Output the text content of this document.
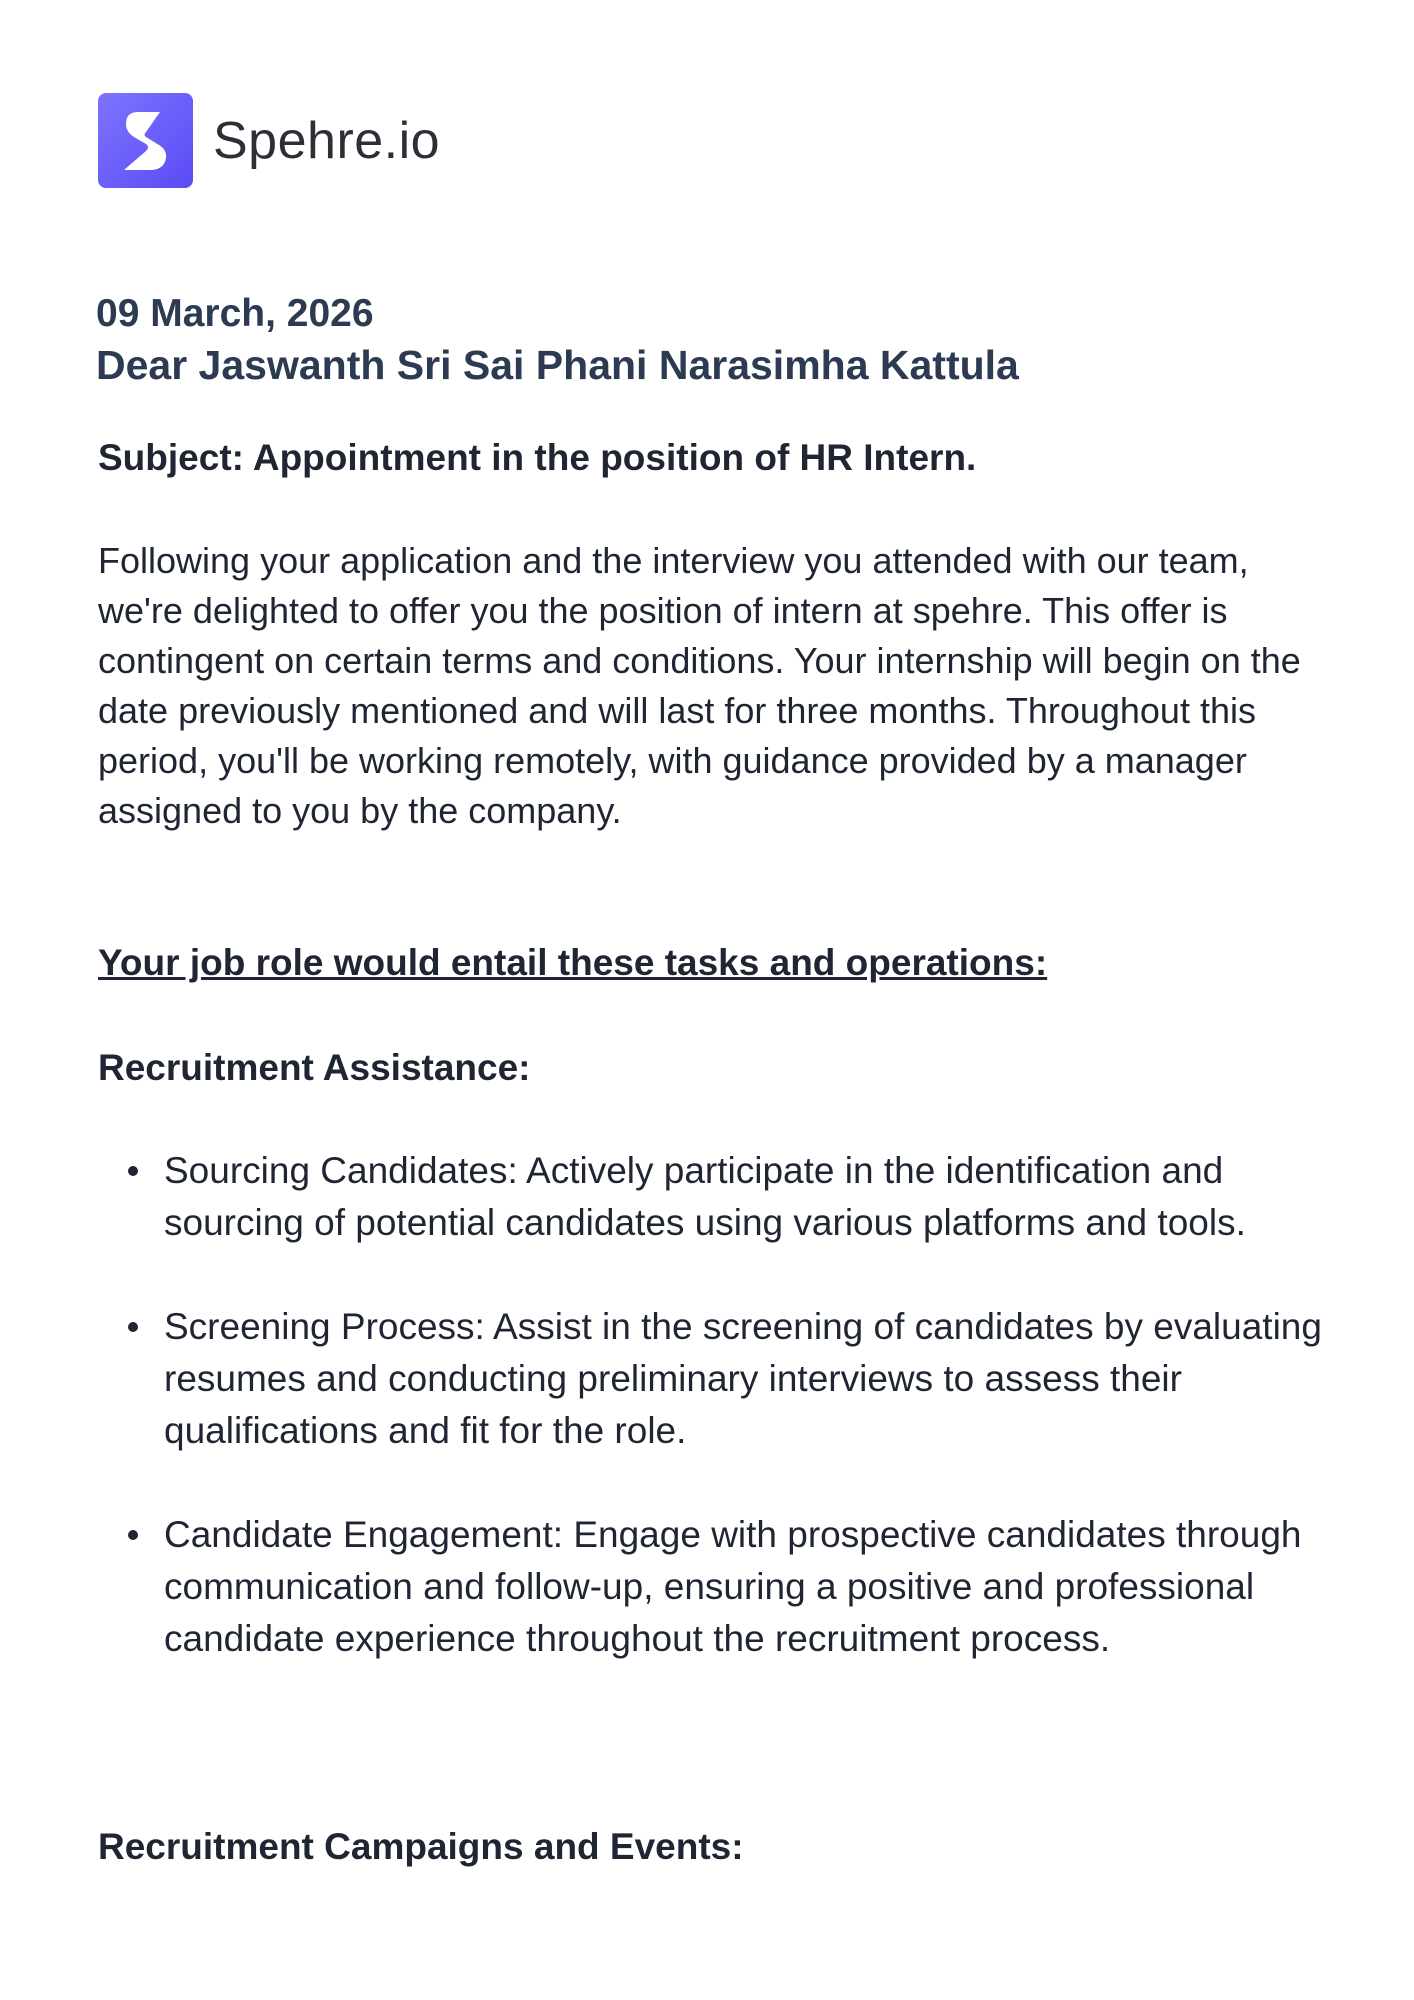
Spehre.io
09 March, 2026
Dear Jaswanth Sri Sai Phani Narasimha Kattula
Subject: Appointment in the position of HR Intern.

Following your application and the interview you attended with our team, we're delighted to offer you the position of intern at spehre. This offer is contingent on certain terms and conditions. Your internship will begin on the date previously mentioned and will last for three months. Throughout this period, you'll be working remotely, with guidance provided by a manager assigned to you by the company.

Your job role would entail these tasks and operations:
Recruitment Assistance:
Sourcing Candidates: Actively participate in the identification and sourcing of potential candidates using various platforms and tools.
Screening Process: Assist in the screening of candidates by evaluating resumes and conducting preliminary interviews to assess their qualifications and fit for the role.
Candidate Engagement: Engage with prospective candidates through communication and follow-up, ensuring a positive and professional candidate experience throughout the recruitment process.
Recruitment Campaigns and Events:
